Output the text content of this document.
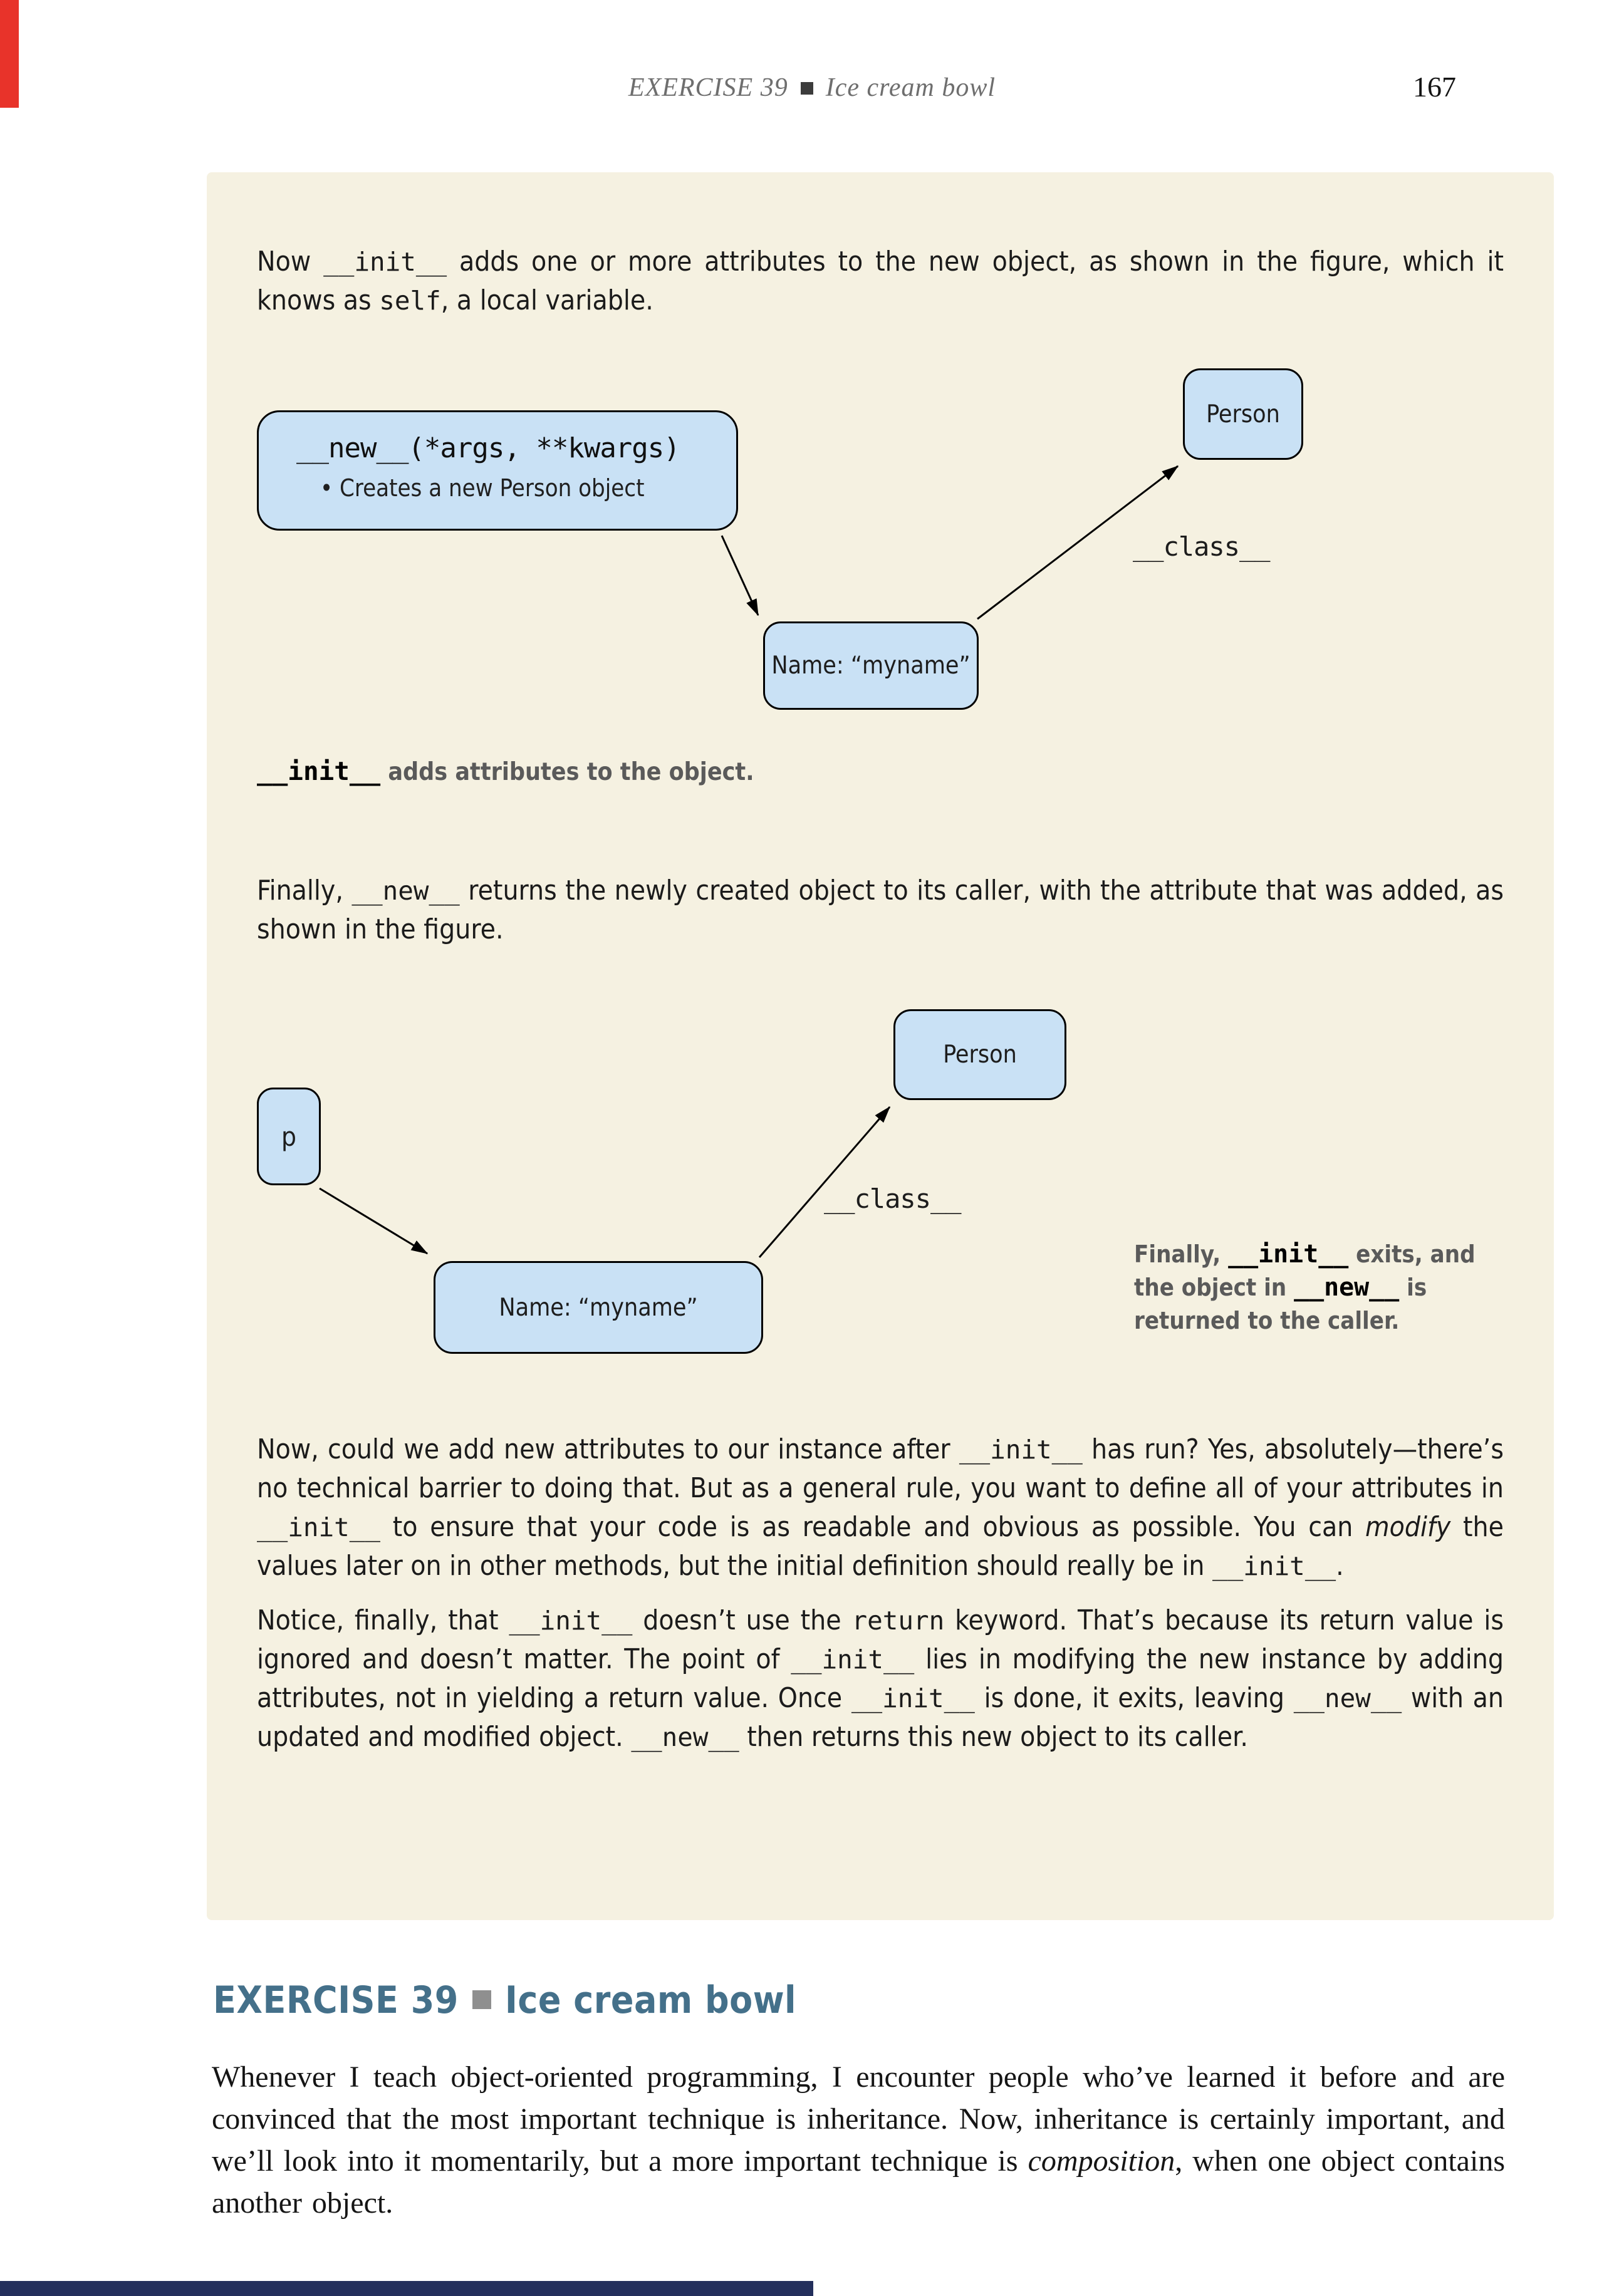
EXERCISE 39 Ice cream bowl	167

Now __init__ adds one or more attributes to the new object, as shown in the figure, which it knows as self, a local variable.

__new__(*args, **kwargs)
• Creates a new Person object
Person
Name: “myname”
__class__

__init__ adds attributes to the object.

Finally, __new__ returns the newly created object to its caller, with the attribute that was added, as shown in the figure.

p
Person
Name: “myname”
__class__
Finally, __init__ exits, and the object in __new__ is returned to the caller.

Now, could we add new attributes to our instance after __init__ has run? Yes, absolutely—there’s no technical barrier to doing that. But as a general rule, you want to define all of your attributes in __init__ to ensure that your code is as readable and obvious as possible. You can modify the values later on in other methods, but the initial definition should really be in __init__.

Notice, finally, that __init__ doesn’t use the return keyword. That’s because its return value is ignored and doesn’t matter. The point of __init__ lies in modifying the new instance by adding attributes, not in yielding a return value. Once __init__ is done, it exits, leaving __new__ with an updated and modified object. __new__ then returns this new object to its caller.

EXERCISE 39 Ice cream bowl

Whenever I teach object-oriented programming, I encounter people who’ve learned it before and are convinced that the most important technique is inheritance. Now, inheritance is certainly important, and we’ll look into it momentarily, but a more important technique is composition, when one object contains another object.
